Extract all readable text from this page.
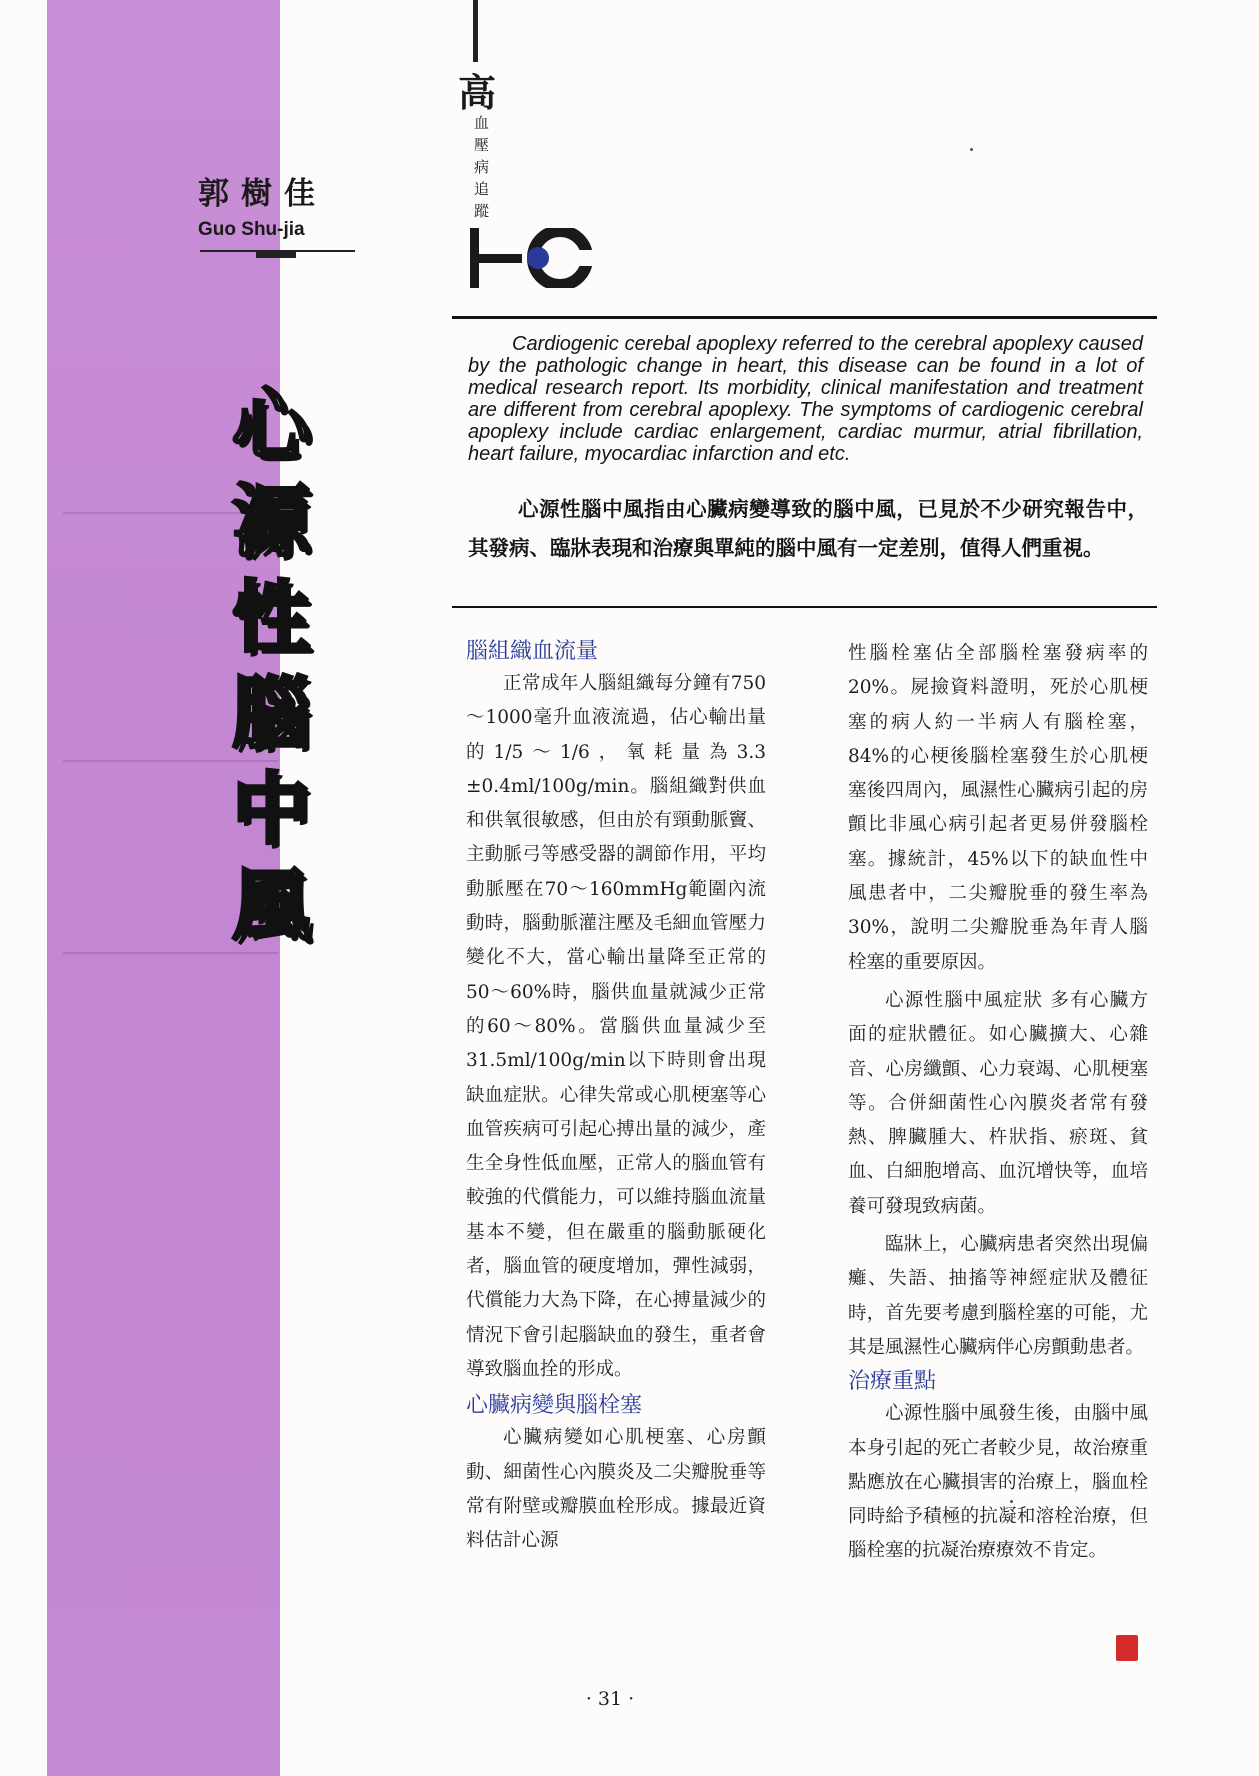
郭樹佳
Guo Shu-jia
心源性腦中風
高
血壓病追蹤
Cardiogenic cerebal apoplexy referred to the cerebral apoplexy caused by the pathologic change in heart, this disease can be found in a lot of medical research report. Its morbidity, clinical manifestation and treatment are different from cerebral apoplexy. The symptoms of cardiogenic cerebral apoplexy include cardiac enlargement, cardiac murmur, atrial fibrillation, heart failure, myocardiac infarction and etc.
心源性腦中風指由心臟病變導致的腦中風，已見於不少研究報告中，其發病、臨牀表現和治療與單純的腦中風有一定差別，值得人們重視。
腦組織血流量

正常成年人腦組織每分鐘有750～1000毫升血液流過，佔心輸出量的1/5～1/6，氧耗量為3.3 ±0.4ml/100g/min。腦組織對供血和供氧很敏感，但由於有頸動脈竇、主動脈弓等感受器的調節作用，平均動脈壓在70～160mmHg範圍內流動時，腦動脈灌注壓及毛細血管壓力變化不大，當心輸出量降至正常的50～60%時，腦供血量就減少正常的60～80%。當腦供血量減少至31.5ml/100g/min以下時則會出現缺血症狀。心律失常或心肌梗塞等心血管疾病可引起心搏出量的減少，產生全身性低血壓，正常人的腦血管有較強的代償能力，可以維持腦血流量基本不變，但在嚴重的腦動脈硬化者，腦血管的硬度增加，彈性減弱，代償能力大為下降，在心搏量減少的情況下會引起腦缺血的發生，重者會導致腦血拴的形成。

心臟病變與腦栓塞

心臟病變如心肌梗塞、心房顫動、細菌性心內膜炎及二尖瓣脫垂等常有附壁或瓣膜血栓形成。據最近資料估計心源

性腦栓塞佔全部腦栓塞發病率的20%。屍撿資料證明，死於心肌梗塞的病人約一半病人有腦栓塞，84%的心梗後腦栓塞發生於心肌梗塞後四周內，風濕性心臟病引起的房顫比非風心病引起者更易併發腦栓塞。據統計，45%以下的缺血性中風患者中，二尖瓣脫垂的發生率為30%，說明二尖瓣脫垂為年青人腦栓塞的重要原因。

心源性腦中風症狀 多有心臟方面的症狀體征。如心臟擴大、心雜音、心房纖顫、心力衰竭、心肌梗塞等。合併細菌性心內膜炎者常有發熱、脾臟腫大、杵狀指、瘀斑、貧血、白細胞增高、血沉增快等，血培養可發現致病菌。

臨牀上，心臟病患者突然出現偏癱、失語、抽搐等神經症狀及體征時，首先要考慮到腦栓塞的可能，尤其是風濕性心臟病伴心房顫動患者。

治療重點

心源性腦中風發生後，由腦中風本身引起的死亡者較少見，故治療重點應放在心臟損害的治療上，腦血栓同時給予積極的抗凝和溶栓治療，但腦栓塞的抗凝治療療效不肯定。

· 31 ·
